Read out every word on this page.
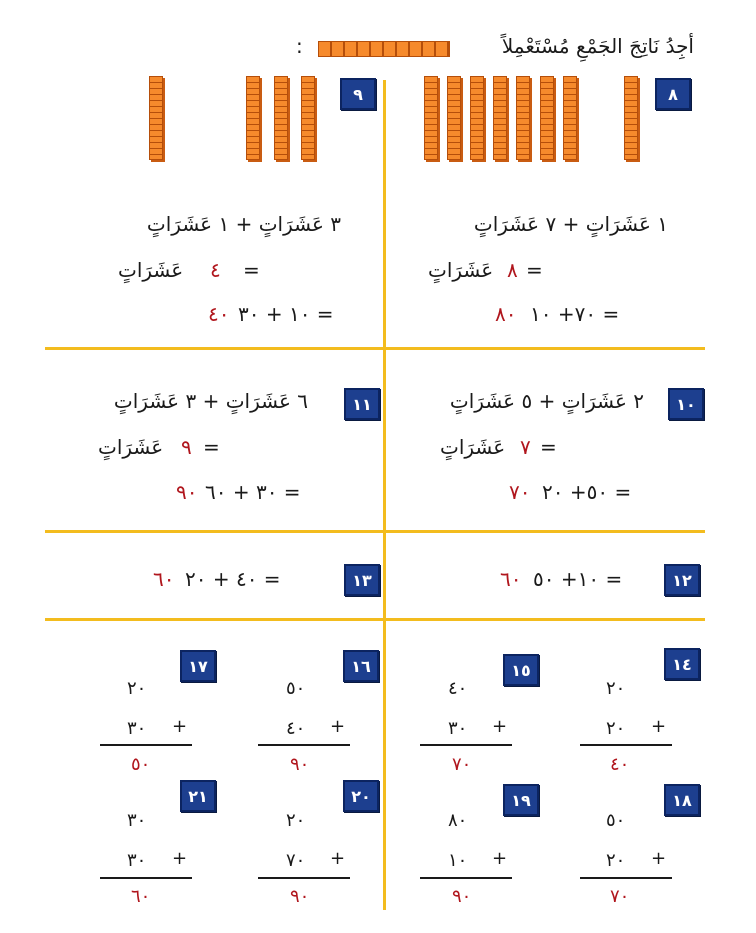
أجِدُ نَاتِجَ الجَمْعِ مُسْتَعْمِلاً
:
٨
١ عَشَرَاتٍ + ٧ عَشَرَاتٍ
=
٨
عَشَرَاتٍ
٨٠ = ٧٠+ ١٠
٩
٣ عَشَرَاتٍ + ١ عَشَرَاتٍ
=
٤
عَشَرَاتٍ
٤٠ = ١٠ + ٣٠
١٠
٢ عَشَرَاتٍ + ٥ عَشَرَاتٍ
=
٧
عَشَرَاتٍ
٧٠ = ٥٠+ ٢٠
١١
٦ عَشَرَاتٍ + ٣ عَشَرَاتٍ
=
٩
عَشَرَاتٍ
٩٠ = ٣٠ + ٦٠
١٢
٦٠ = ١٠+ ٥٠
١٣
٦٠ = ٤٠ + ٢٠
١٤
٢٠
٢٠ +
٤٠
١٥
٤٠
٣٠ +
٧٠
١٦
٥٠
٤٠ +
٩٠
١٧
٢٠
٣٠ +
٥٠
١٨
٥٠
٢٠ +
٧٠
١٩
٨٠
١٠ +
٩٠
٢٠
٢٠
٧٠ +
٩٠
٢١
٣٠
٣٠ +
٦٠
